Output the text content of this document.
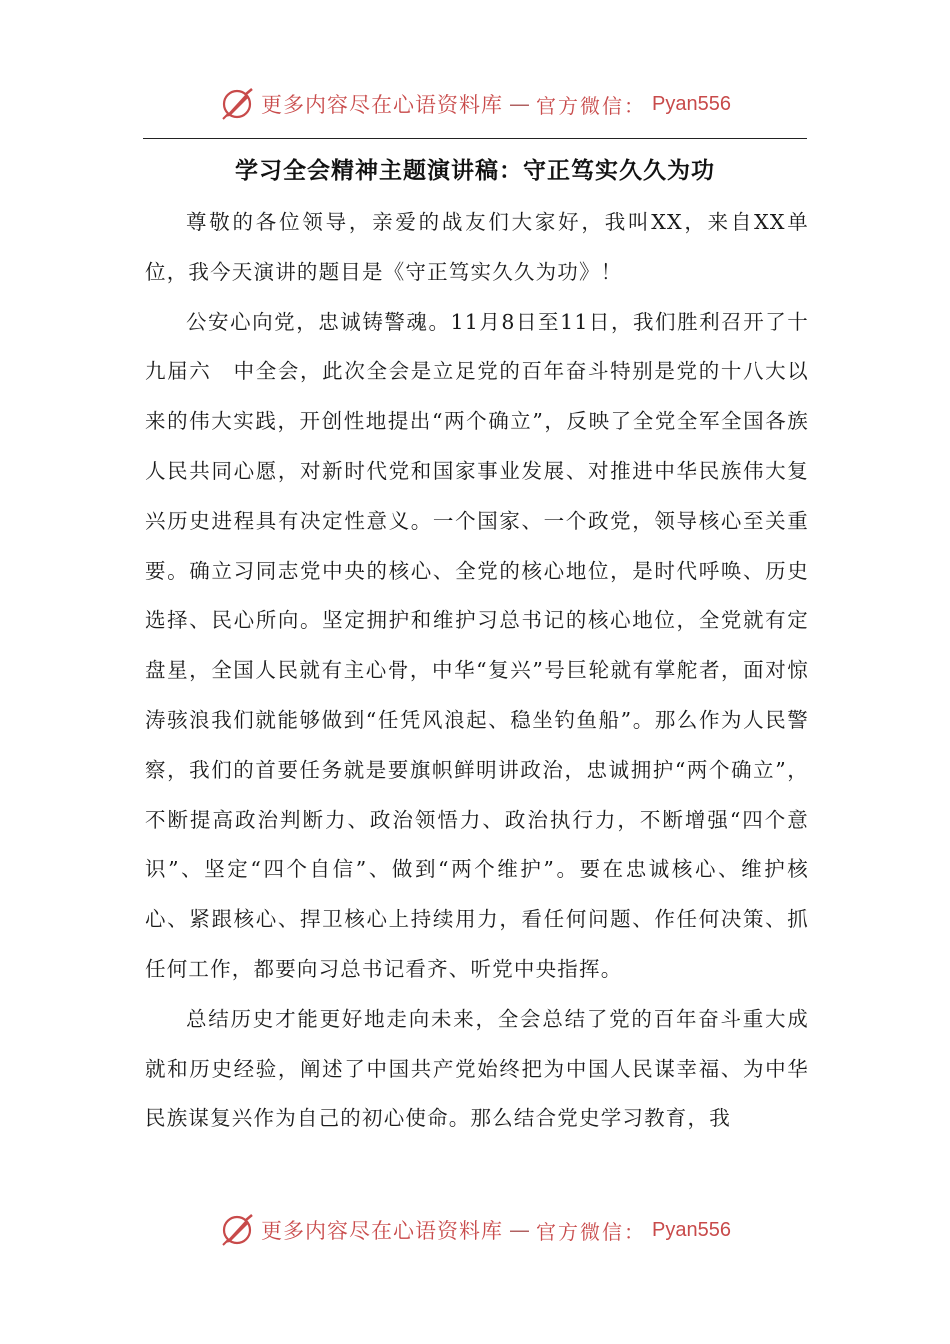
更多内容尽在心语资料库 — 官方微信： Pyan556
学习全会精神主题演讲稿：守正笃实久久为功

尊敬的各位领导，亲爱的战友们大家好，我叫XX，来自XX单位，我今天演讲的题目是《守正笃实久久为功》！

公安心向党，忠诚铸警魂。11月8日至11日，我们胜利召开了十九届六　中全会，此次全会是立足党的百年奋斗特别是党的十八大以来的伟大实践，开创性地提出“两个确立”，反映了全党全军全国各族人民共同心愿，对新时代党和国家事业发展、对推进中华民族伟大复兴历史进程具有决定性意义。一个国家、一个政党，领导核心至关重要。确立习同志党中央的核心、全党的核心地位，是时代呼唤、历史选择、民心所向。坚定拥护和维护习总书记的核心地位，全党就有定盘星，全国人民就有主心骨，中华“复兴”号巨轮就有掌舵者，面对惊涛骇浪我们就能够做到“任凭风浪起、稳坐钓鱼船”。那么作为人民警察，我们的首要任务就是要旗帜鲜明讲政治，忠诚拥护“两个确立”，不断提高政治判断力、政治领悟力、政治执行力，不断增强“四个意识”、坚定“四个自信”、做到“两个维护”。要在忠诚核心、维护核心、紧跟核心、捍卫核心上持续用力，看任何问题、作任何决策、抓任何工作，都要向习总书记看齐、听党中央指挥。

总结历史才能更好地走向未来，全会总结了党的百年奋斗重大成就和历史经验，阐述了中国共产党始终把为中国人民谋幸福、为中华民族谋复兴作为自己的初心使命。那么结合党史学习教育，我

更多内容尽在心语资料库 — 官方微信： Pyan556
